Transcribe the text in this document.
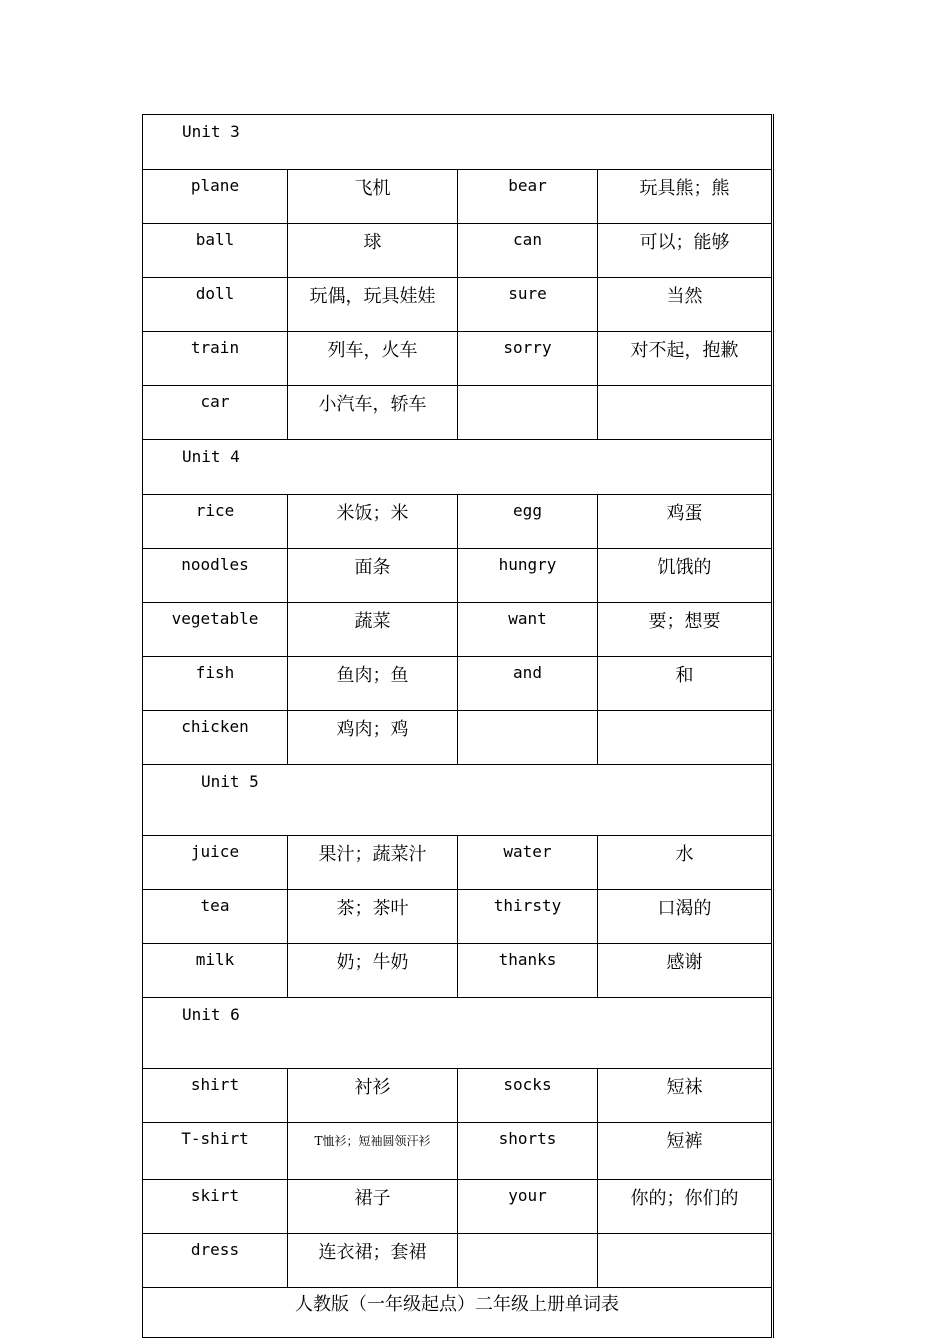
Unit 3			
plane	飞机	bear	玩具熊；熊
ball	球	can	可以；能够
doll	玩偶，玩具娃娃	sure	当然
train	列车，火车	sorry	对不起，抱歉
car	小汽车，轿车		
Unit 4			
rice	米饭；米	egg	鸡蛋
noodles	面条	hungry	饥饿的
vegetable	蔬菜	want	要；想要
fish	鱼肉；鱼	and	和
chicken	鸡肉；鸡		
Unit 5			
juice	果汁；蔬菜汁	water	水
tea	茶；茶叶	thirsty	口渴的
milk	奶；牛奶	thanks	感谢
Unit 6			
shirt	衬衫	socks	短袜
T-shirt	T恤衫；短袖圆领汗衫	shorts	短裤
skirt	裙子	your	你的；你们的
dress	连衣裙；套裙		
人教版（一年级起点）二年级上册单词表			
